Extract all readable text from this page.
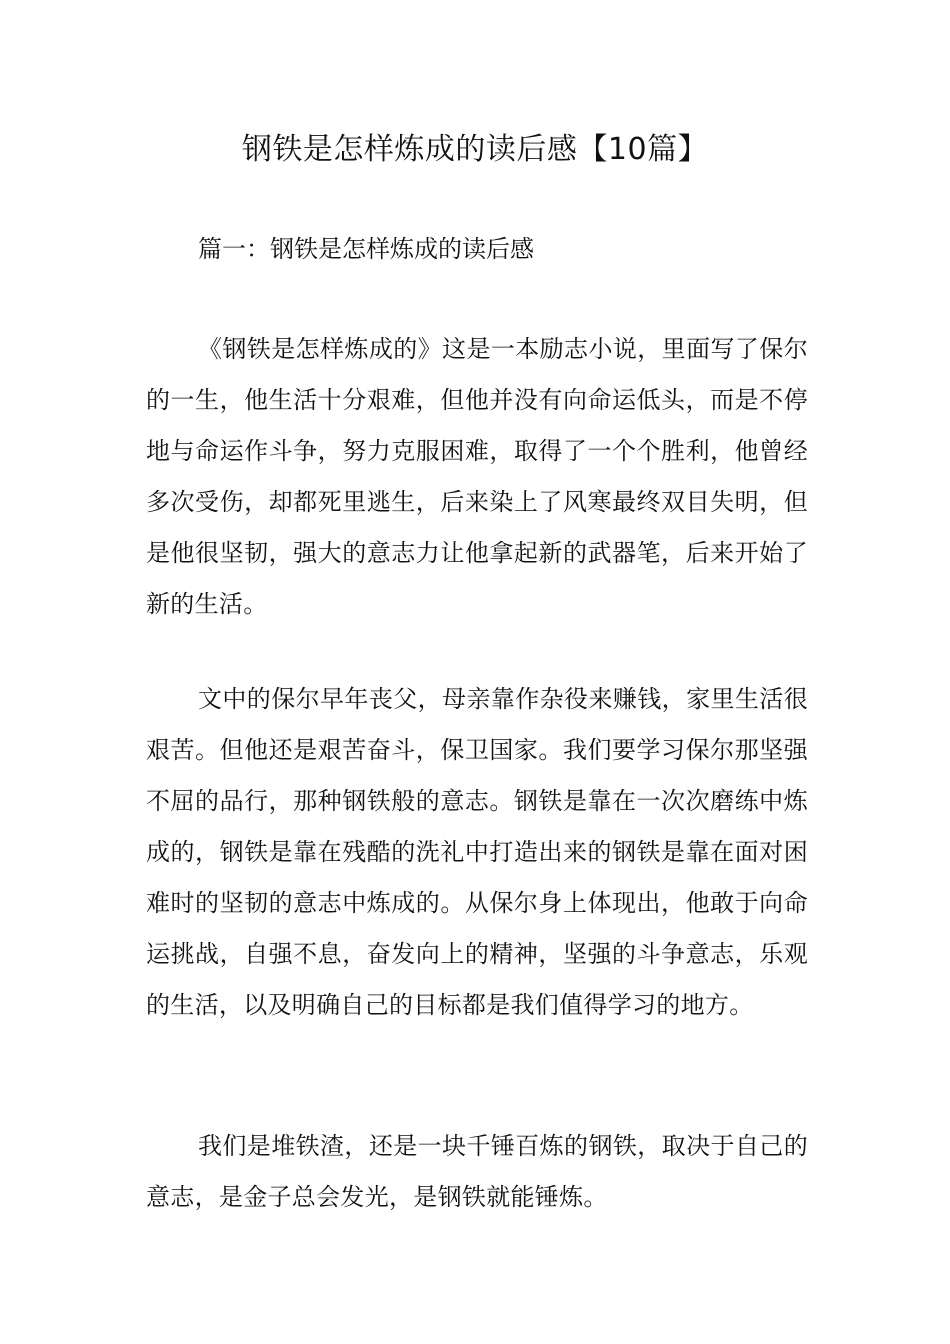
钢铁是怎样炼成的读后感【10篇】
篇一：钢铁是怎样炼成的读后感

《钢铁是怎样炼成的》这是一本励志小说，里面写了保尔的一生，他生活十分艰难，但他并没有向命运低头，而是不停地与命运作斗争，努力克服困难，取得了一个个胜利，他曾经多次受伤，却都死里逃生，后来染上了风寒最终双目失明，但是他很坚韧，强大的意志力让他拿起新的武器笔，后来开始了新的生活。

文中的保尔早年丧父，母亲靠作杂役来赚钱，家里生活很艰苦。但他还是艰苦奋斗，保卫国家。我们要学习保尔那坚强不屈的品行，那种钢铁般的意志。钢铁是靠在一次次磨练中炼成的，钢铁是靠在残酷的洗礼中打造出来的钢铁是靠在面对困难时的坚韧的意志中炼成的。从保尔身上体现出，他敢于向命运挑战，自强不息，奋发向上的精神，坚强的斗争意志，乐观的生活，以及明确自己的目标都是我们值得学习的地方。

我们是堆铁渣，还是一块千锤百炼的钢铁，取决于自己的意志，是金子总会发光，是钢铁就能锤炼。
